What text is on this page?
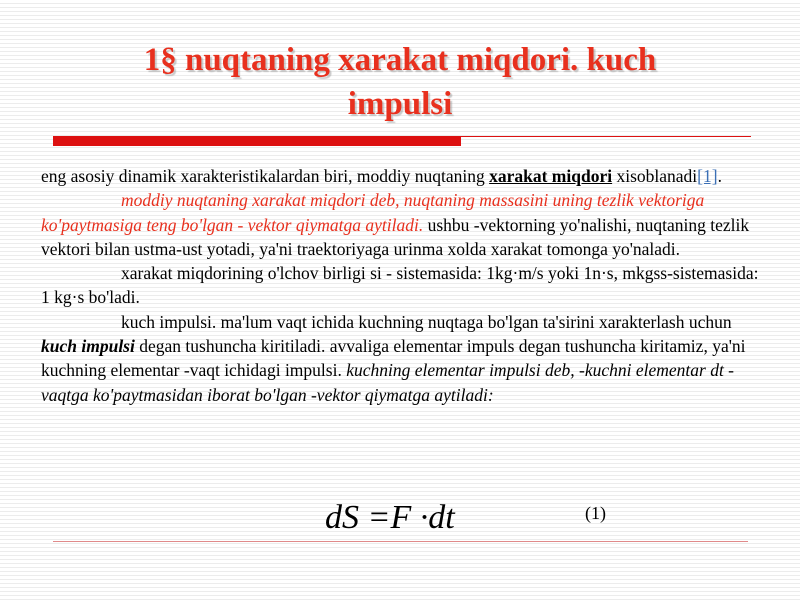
1§ nuqtaning xarakat miqdori. kuch
impulsi

eng asosiy dinamik xarakteristikalardan biri, moddiy nuqtaning xarakat miqdori xisoblanadi[1].

moddiy nuqtaning xarakat miqdori deb, nuqtaning massasini uning tezlik vektoriga ko'paytmasiga teng bo'lgan - vektor qiymatga aytiladi. ushbu -vektorning yo'nalishi, nuqtaning tezlik vektori bilan ustma-ust yotadi, ya'ni traektoriyaga urinma xolda xarakat tomonga yo'naladi.

xarakat miqdorining o'lchov birligi si - sistemasida: 1kg·m/s yoki 1n·s, mkgss-sistemasida: 1 kg·s bo'ladi.

kuch impulsi. ma'lum vaqt ichida kuchning nuqtaga bo'lgan ta'sirini xarakterlash uchun kuch impulsi degan tushuncha kiritiladi. avvaliga elementar impuls degan tushuncha kiritamiz, ya'ni kuchning elementar -vaqt ichidagi impulsi. kuchning elementar impulsi deb, -kuchni elementar dt - vaqtga ko'paytmasidan iborat bo'lgan -vektor qiymatga aytiladi:

dS =F ·dt	(1)
